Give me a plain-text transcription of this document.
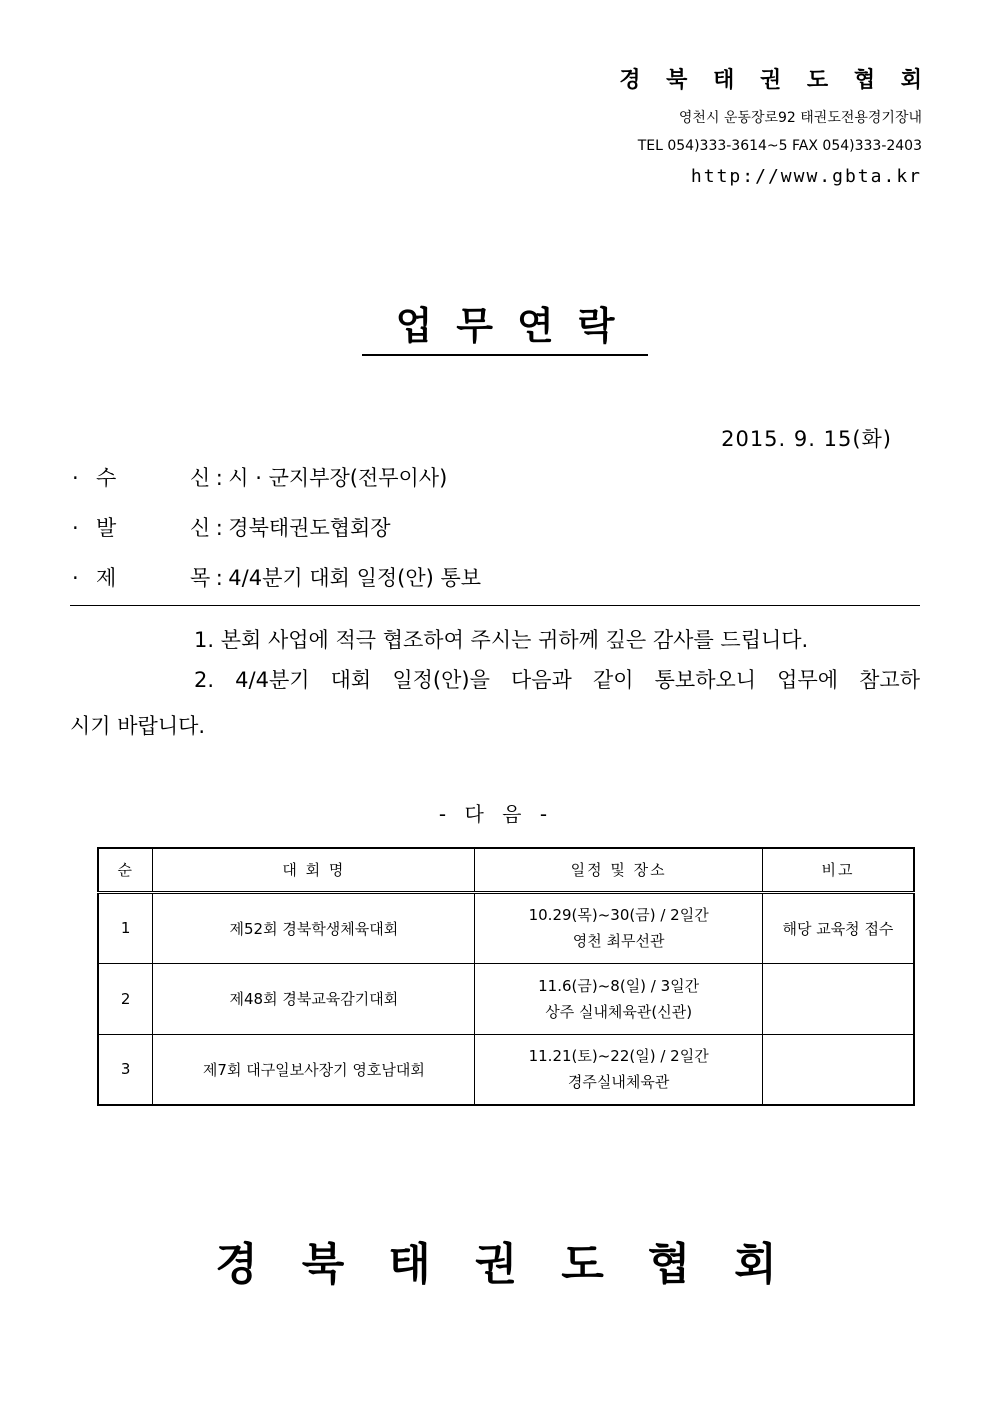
경 북 태 권 도 협 회
영천시 운동장로92 태권도전용경기장내
TEL 054)333-3614~5 FAX 054)333-2403
http://www.gbta.kr
업무연락
2015. 9. 15(화)
· 수	신 : 시 · 군지부장(전무이사)
· 발	신 : 경북태권도협회장
· 제	목 : 4/4분기 대회 일정(안) 통보
1. 본회 사업에 적극 협조하여 주시는 귀하께 깊은 감사를 드립니다.
2. 4/4분기 대회 일정(안)을 다음과 같이 통보하오니 업무에 참고하
시기 바랍니다.
- 다 음 -
순	대 회 명	일정 및 장소	비고
1	제52회 경북학생체육대회	10.29(목)~30(금) / 2일간
영천 최무선관	해당 교육청 접수
2	제48회 경북교육감기대회	11.6(금)~8(일) / 3일간
상주 실내체육관(신관)	

3	제7회 대구일보사장기 영호남대회	11.21(토)~22(일) / 2일간
경주실내체육관	

경북태권도협회
